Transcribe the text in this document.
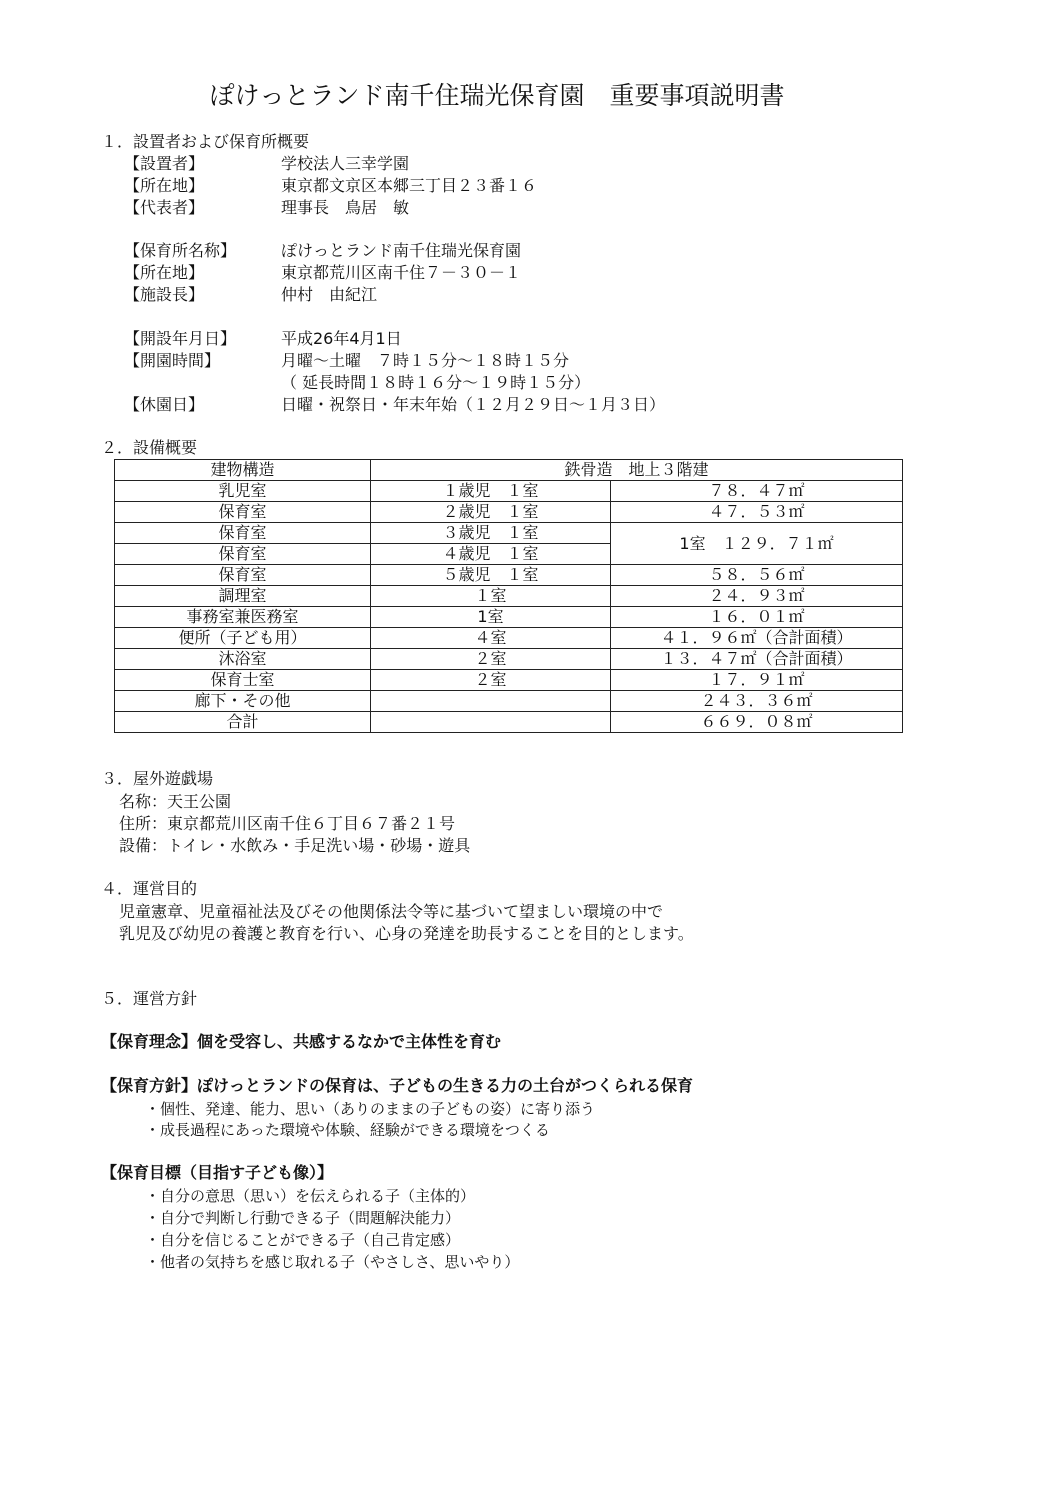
ぽけっとランド南千住瑞光保育園　重要事項説明書
１．設置者および保育所概要
【設置者】	学校法人三幸学園
【所在地】	東京都文京区本郷三丁目２３番１６
【代表者】	理事長　鳥居　敏
【保育所名称】	ぽけっとランド南千住瑞光保育園
【所在地】	東京都荒川区南千住７－３０－１
【施設長】	仲村　由紀江
【開設年月日】	平成26年4月1日
【開園時間】	月曜～土曜　７時１５分～１８時１５分
（ 延長時間１８時１６分～１９時１５分）
【休園日】	日曜・祝祭日・年末年始（１２月２９日～１月３日）
２．設備概要
建物構造	鉄骨造　地上３階建	
乳児室	１歳児　１室	７８．４７㎡
保育室	２歳児　１室	４７．５３㎡
保育室	３歳児　１室	1室　１２９．７１㎡
保育室	４歳児　１室	
保育室	５歳児　１室	５８．５６㎡
調理室	１室	２４．９３㎡
事務室兼医務室	1室	１６．０１㎡
便所（子ども用）	４室	４１．９６㎡（合計面積）
沐浴室	２室	１３．４７㎡（合計面積）
保育士室	２室	１７．９１㎡
廊下・その他		２４３．３６㎡
合計		６６９．０８㎡
３．屋外遊戯場
名称：天王公園
住所：東京都荒川区南千住６丁目６７番２１号
設備：トイレ・水飲み・手足洗い場・砂場・遊具
４．運営目的
児童憲章、児童福祉法及びその他関係法令等に基づいて望ましい環境の中で
乳児及び幼児の養護と教育を行い、心身の発達を助長することを目的とします。
５．運営方針
【保育理念】個を受容し、共感するなかで主体性を育む
【保育方針】ぽけっとランドの保育は、子どもの生きる力の土台がつくられる保育
・個性、発達、能力、思い（ありのままの子どもの姿）に寄り添う
・成長過程にあった環境や体験、経験ができる環境をつくる
【保育目標（目指す子ども像）】
・自分の意思（思い）を伝えられる子（主体的）
・自分で判断し行動できる子（問題解決能力）
・自分を信じることができる子（自己肯定感）
・他者の気持ちを感じ取れる子（やさしさ、思いやり）
